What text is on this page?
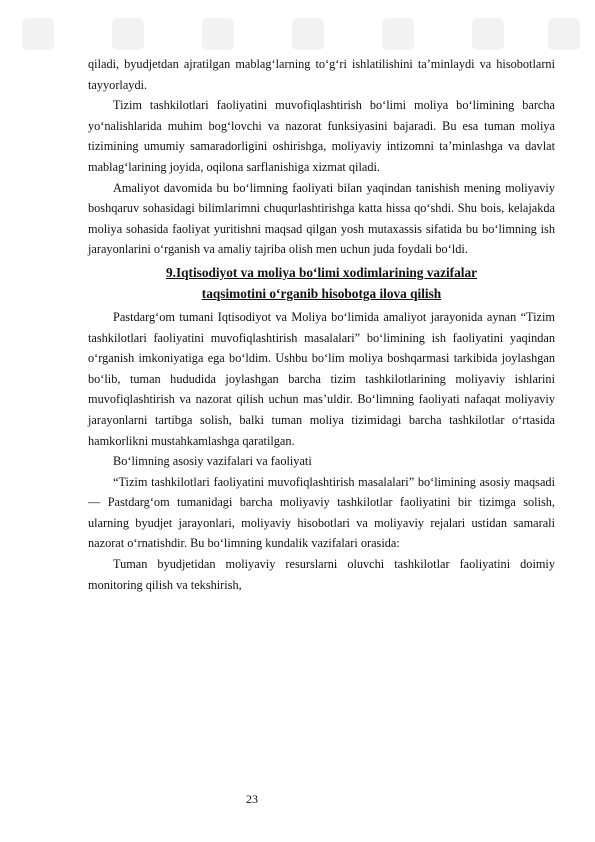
qiladi, byudjetdan ajratilgan mablag‘larning to‘g‘ri ishlatilishini ta’minlaydi va hisobotlarni tayyorlaydi.

Tizim tashkilotlari faoliyatini muvofiqlashtirish bo‘limi moliya bo‘limining barcha yo‘nalishlarida muhim bog‘lovchi va nazorat funksiyasini bajaradi. Bu esa tuman moliya tizimining umumiy samaradorligini oshirishga, moliyaviy intizomni ta’minlashga va davlat mablag‘larining joyida, oqilona sarflanishiga xizmat qiladi.

Amaliyot davomida bu bo‘limning faoliyati bilan yaqindan tanishish mening moliyaviy boshqaruv sohasidagi bilimlarimni chuqurlashtirishga katta hissa qo‘shdi. Shu bois, kelajakda moliya sohasida faoliyat yuritishni maqsad qilgan yosh mutaxassis sifatida bu bo‘limning ish jarayonlarini o‘rganish va amaliy tajriba olish men uchun juda foydali bo‘ldi.

9.Iqtisodiyot va moliya bo‘limi xodimlarining vazifalar
taqsimotini o‘rganib hisobotga ilova qilish

Pastdarg‘om tumani Iqtisodiyot va Moliya bo‘limida amaliyot jarayonida aynan “Tizim tashkilotlari faoliyatini muvofiqlashtirish masalalari” bo‘limining ish faoliyatini yaqindan o‘rganish imkoniyatiga ega bo‘ldim. Ushbu bo‘lim moliya boshqarmasi tarkibida joylashgan bo‘lib, tuman hududida joylashgan barcha tizim tashkilotlarining moliyaviy ishlarini muvofiqlashtirish va nazorat qilish uchun mas’uldir. Bo‘limning faoliyati nafaqat moliyaviy jarayonlarni tartibga solish, balki tuman moliya tizimidagi barcha tashkilotlar o‘rtasida hamkorlikni mustahkamlashga qaratilgan.

Bo‘limning asosiy vazifalari va faoliyati

“Tizim tashkilotlari faoliyatini muvofiqlashtirish masalalari” bo‘limining asosiy maqsadi — Pastdarg‘om tumanidagi barcha moliyaviy tashkilotlar faoliyatini bir tizimga solish, ularning byudjet jarayonlari, moliyaviy hisobotlari va moliyaviy rejalari ustidan samarali nazorat o‘rnatishdir. Bu bo‘limning kundalik vazifalari orasida:

Tuman byudjetidan moliyaviy resurslarni oluvchi tashkilotlar faoliyatini doimiy monitoring qilish va tekshirish,

23
